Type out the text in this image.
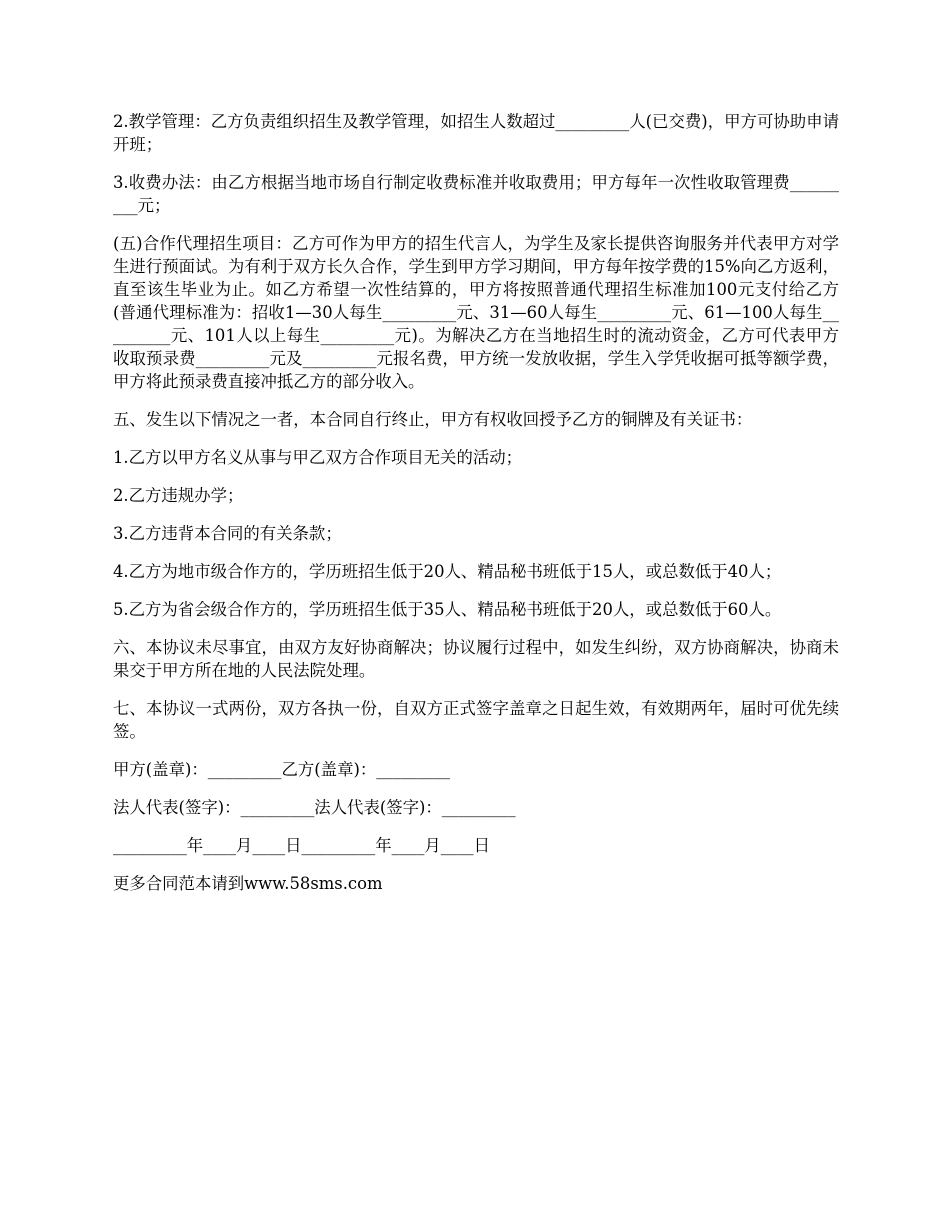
2.教学管理：乙方负责组织招生及教学管理，如招生人数超过_________人(已交费)，甲方可协助申请开班；

3.收费办法：由乙方根据当地市场自行制定收费标准并收取费用；甲方每年一次性收取管理费_________元；

(五)合作代理招生项目：乙方可作为甲方的招生代言人，为学生及家长提供咨询服务并代表甲方对学生进行预面试。为有利于双方长久合作，学生到甲方学习期间，甲方每年按学费的15%向乙方返利，直至该生毕业为止。如乙方希望一次性结算的，甲方将按照普通代理招生标准加100元支付给乙方(普通代理标准为：招收1—30人每生_________元、31—60人每生_________元、61—100人每生_________元、101人以上每生_________元)。为解决乙方在当地招生时的流动资金，乙方可代表甲方收取预录费_________元及_________元报名费，甲方统一发放收据，学生入学凭收据可抵等额学费，甲方将此预录费直接冲抵乙方的部分收入。

五、发生以下情况之一者，本合同自行终止，甲方有权收回授予乙方的铜牌及有关证书：

1.乙方以甲方名义从事与甲乙双方合作项目无关的活动；

2.乙方违规办学；

3.乙方违背本合同的有关条款；

4.乙方为地市级合作方的，学历班招生低于20人、精品秘书班低于15人，或总数低于40人；

5.乙方为省会级合作方的，学历班招生低于35人、精品秘书班低于20人，或总数低于60人。

六、本协议未尽事宜，由双方友好协商解决；协议履行过程中，如发生纠纷，双方协商解决，协商未果交于甲方所在地的人民法院处理。

七、本协议一式两份，双方各执一份，自双方正式签字盖章之日起生效，有效期两年，届时可优先续签。

甲方(盖章)：_________乙方(盖章)：_________

法人代表(签字)：_________法人代表(签字)：_________

_________年____月____日_________年____月____日

更多合同范本请到www.58sms.com
